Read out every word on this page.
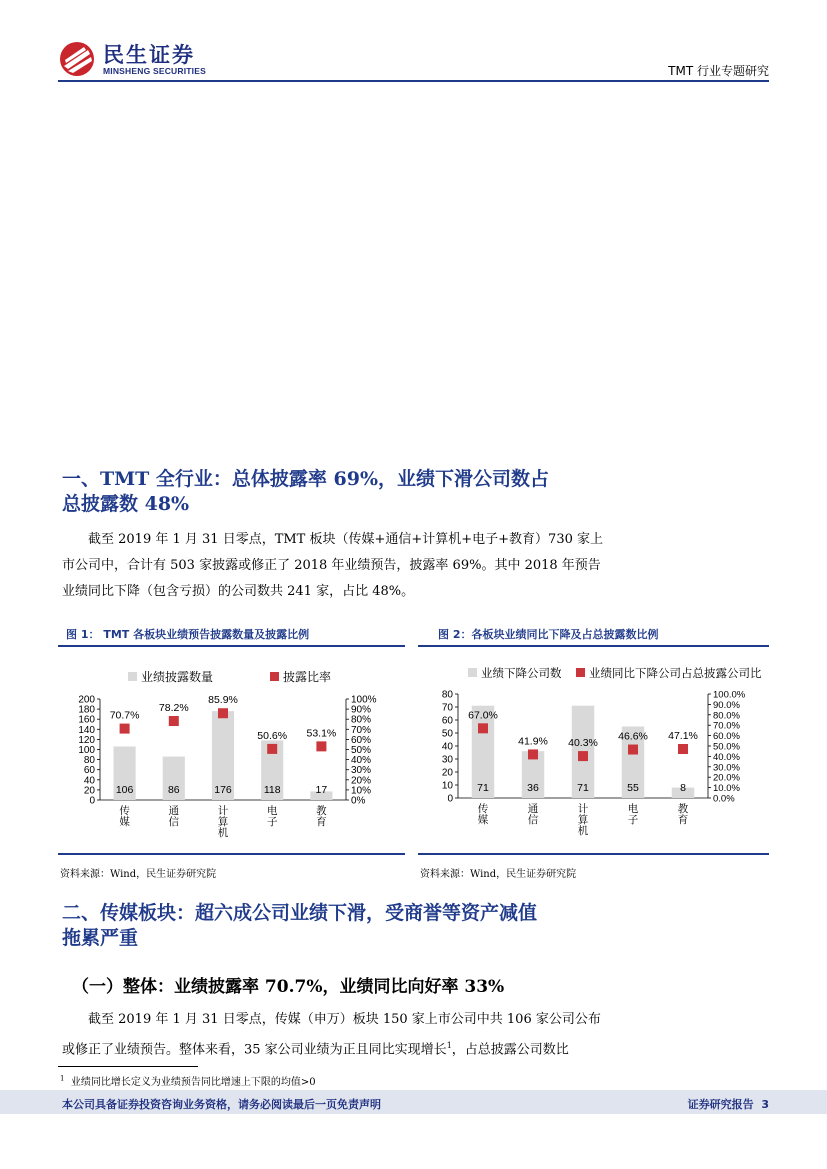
民生证券
MINSHENG SECURITIES	TMT 行业专题研究
一、TMT 全行业：总体披露率 69%，业绩下滑公司数占
总披露数 48%
截至 2019 年 1 月 31 日零点，TMT 板块（传媒+通信+计算机+电子+教育）730 家上
市公司中，合计有 503 家披露或修正了 2018 年业绩预告，披露率 69%。其中 2018 年预告
业绩同比下降（包含亏损）的公司数共 241 家，占比 48%。
图 1： TMT 各板块业绩预告披露数量及披露比例
业绩披露数量	披露比率
0
20
40
60
80
100
120
140
160
180
200
0%
10%
20%
30%
40%
50%
60%
70%
80%
90%
100%
106
70.7%
传媒
86
78.2%
通信
176
85.9%
计算机
118
50.6%
电子
17
53.1%
教育
资料来源：Wind，民生证券研究院
图 2：各板块业绩同比下降及占总披露数比例
业绩下降公司数 业绩同比下降公司占总披露公司比
0
10
20
30
40
50
60
70
80
0.0%
10.0%
20.0%
30.0%
40.0%
50.0%
60.0%
70.0%
80.0%
90.0%
100.0%
71
67.0%
传媒
36
41.9%
通信
71
40.3%
计算机
55
46.6%
电子
8
47.1%
教育
资料来源：Wind，民生证券研究院
二、传媒板块：超六成公司业绩下滑，受商誉等资产减值
拖累严重
（一）整体：业绩披露率 70.7%，业绩同比向好率 33%
截至 2019 年 1 月 31 日零点，传媒（申万）板块 150 家上市公司中共 106 家公司公布
或修正了业绩预告。整体来看，35 家公司业绩为正且同比实现增长$^1$，占总披露公司数比
$^1$ 业绩同比增长定义为业绩预告同比增速上下限的均值>0
本公司具备证券投资咨询业务资格，请务必阅读最后一页免责声明	证券研究报告 3
